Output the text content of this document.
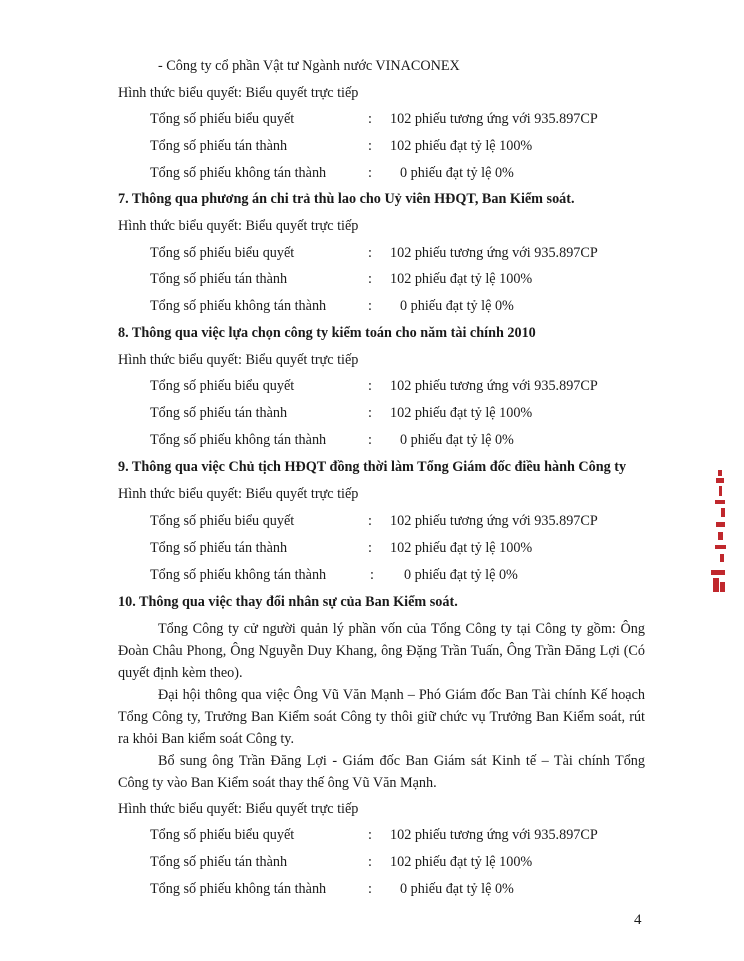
- Công ty cổ phần Vật tư Ngành nước VINACONEX
Hình thức biểu quyết: Biểu quyết trực tiếp
Tổng số phiếu biểu quyết	: 102 phiếu tương ứng với 935.897CP
Tổng số phiếu tán thành	: 102 phiếu đạt tỷ lệ 100%
Tổng số phiếu không tán thành	: 0 phiếu đạt tỷ lệ 0%
7. Thông qua phương án chi trả thù lao cho Uỷ viên HĐQT, Ban Kiểm soát.
Hình thức biểu quyết: Biểu quyết trực tiếp
Tổng số phiếu biểu quyết	: 102 phiếu tương ứng với 935.897CP
Tổng số phiếu tán thành	: 102 phiếu đạt tỷ lệ 100%
Tổng số phiếu không tán thành	: 0 phiếu đạt tỷ lệ 0%
8. Thông qua việc lựa chọn công ty kiểm toán cho năm tài chính 2010
Hình thức biểu quyết: Biểu quyết trực tiếp
Tổng số phiếu biểu quyết	: 102 phiếu tương ứng với 935.897CP
Tổng số phiếu tán thành	: 102 phiếu đạt tỷ lệ 100%
Tổng số phiếu không tán thành	: 0 phiếu đạt tỷ lệ 0%
9. Thông qua việc Chủ tịch HĐQT đồng thời làm Tổng Giám đốc điều hành Công ty
Hình thức biểu quyết: Biểu quyết trực tiếp
Tổng số phiếu biểu quyết	: 102 phiếu tương ứng với 935.897CP
Tổng số phiếu tán thành	: 102 phiếu đạt tỷ lệ 100%
Tổng số phiếu không tán thành	: 0 phiếu đạt tỷ lệ 0%
10. Thông qua việc thay đổi nhân sự của Ban Kiểm soát.
Tổng Công ty cử người quản lý phần vốn của Tổng Công ty tại Công ty gồm: Ông Đoàn Châu Phong, Ông Nguyễn Duy Khang, ông Đặng Trần Tuấn, Ông Trần Đăng Lợi (Có quyết định kèm theo).
Đại hội thông qua việc Ông Vũ Văn Mạnh – Phó Giám đốc Ban Tài chính Kế hoạch Tổng Công ty, Trưởng Ban Kiểm soát Công ty thôi giữ chức vụ Trưởng Ban Kiểm soát, rút ra khỏi Ban kiểm soát Công ty.
Bổ sung ông Trần Đăng Lợi - Giám đốc Ban Giám sát Kinh tế – Tài chính Tổng Công ty vào Ban Kiểm soát thay thế ông Vũ Văn Mạnh.
Hình thức biểu quyết: Biểu quyết trực tiếp
Tổng số phiếu biểu quyết	: 102 phiếu tương ứng với 935.897CP
Tổng số phiếu tán thành	: 102 phiếu đạt tỷ lệ 100%
Tổng số phiếu không tán thành	: 0 phiếu đạt tỷ lệ 0%
4
